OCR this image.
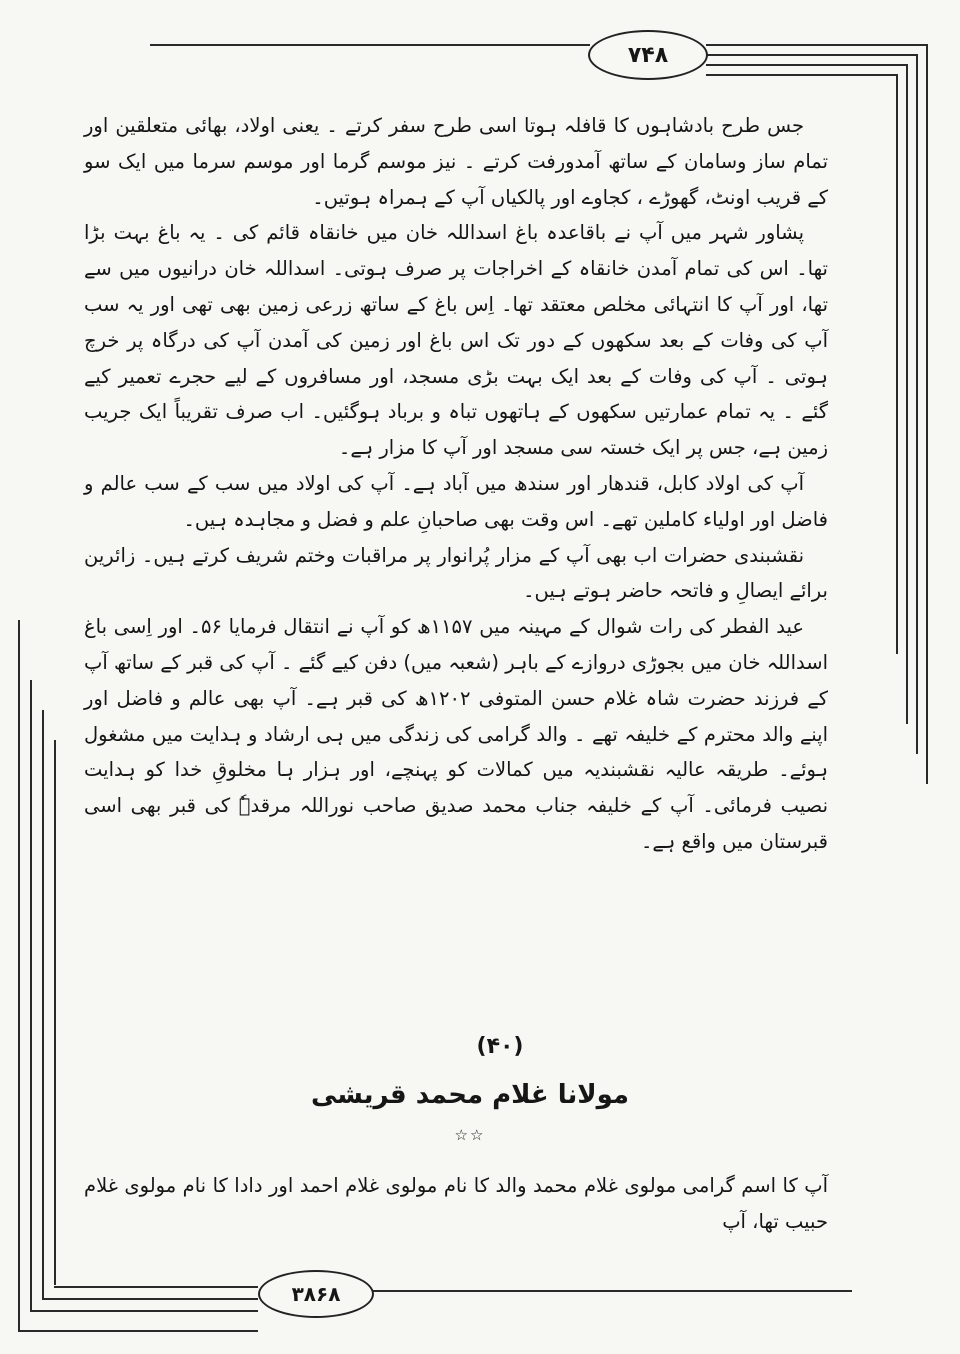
۷۴۸
۳۸۶۸

جس طرح بادشاہوں کا قافلہ ہوتا اسی طرح سفر کرتے ۔ یعنی اولاد، بھائی متعلقین اور تمام ساز وسامان کے ساتھ آمدورفت کرتے ۔ نیز موسم گرما اور موسم سرما میں ایک سو کے قریب اونٹ، گھوڑے ، کجاوے اور پالکیاں آپ کے ہمراہ ہوتیں۔

پشاور شہر میں آپ نے باقاعدہ باغ اسداللہ خان میں خانقاہ قائم کی ۔ یہ باغ بہت بڑا تھا۔ اس کی تمام آمدن خانقاہ کے اخراجات پر صرف ہوتی۔ اسداللہ خان درانیوں میں سے تھا، اور آپ کا انتہائی مخلص معتقد تھا۔ اِس باغ کے ساتھ زرعی زمین بھی تھی اور یہ سب آپ کی وفات کے بعد سکھوں کے دور تک اس باغ اور زمین کی آمدن آپ کی درگاہ پر خرچ ہوتی ۔ آپ کی وفات کے بعد ایک بہت بڑی مسجد، اور مسافروں کے لیے حجرے تعمیر کیے گئے ۔ یہ تمام عمارتیں سکھوں کے ہاتھوں تباہ و برباد ہوگئیں۔ اب صرف تقریباً ایک جریب زمین ہے، جس پر ایک خستہ سی مسجد اور آپ کا مزار ہے۔

آپ کی اولاد کابل، قندھار اور سندھ میں آباد ہے۔ آپ کی اولاد میں سب کے سب عالم و فاضل اور اولیاء کاملین تھے۔ اس وقت بھی صاحبانِ علم و فضل و مجاہدہ ہیں۔

نقشبندی حضرات اب بھی آپ کے مزار پُرانوار پر مراقبات وختم شریف کرتے ہیں۔ زائرین برائے ایصالِ و فاتحہ حاضر ہوتے ہیں۔

عید الفطر کی رات شوال کے مہینہ میں ۱۱۵۷ھ کو آپ نے انتقال فرمایا ۵۶۔ اور اِسی باغ اسداللہ خان میں بجوڑی دروازے کے باہر (شعبہ میں) دفن کیے گئے ۔ آپ کی قبر کے ساتھ آپ کے فرزند حضرت شاہ غلام حسن المتوفی ۱۲۰۲ھ کی قبر ہے۔ آپ بھی عالم و فاضل اور اپنے والد محترم کے خلیفہ تھے ۔ والد گرامی کی زندگی میں ہی ارشاد و ہدایت میں مشغول ہوئے۔ طریقہ عالیہ نقشبندیہ میں کمالات کو پہنچے، اور ہزار ہا مخلوقِ خدا کو ہدایت نصیب فرمائی۔ آپ کے خلیفہ جناب محمد صدیق صاحب نوراللہ مرقدہٗ کی قبر بھی اسی قبرستان میں واقع ہے۔

(۴۰)
مولانا غلام محمد قریشی
☆☆
آپ کا اسم گرامی مولوی غلام محمد والد کا نام مولوی غلام احمد اور دادا کا نام مولوی غلام حبیب تھا، آپ
